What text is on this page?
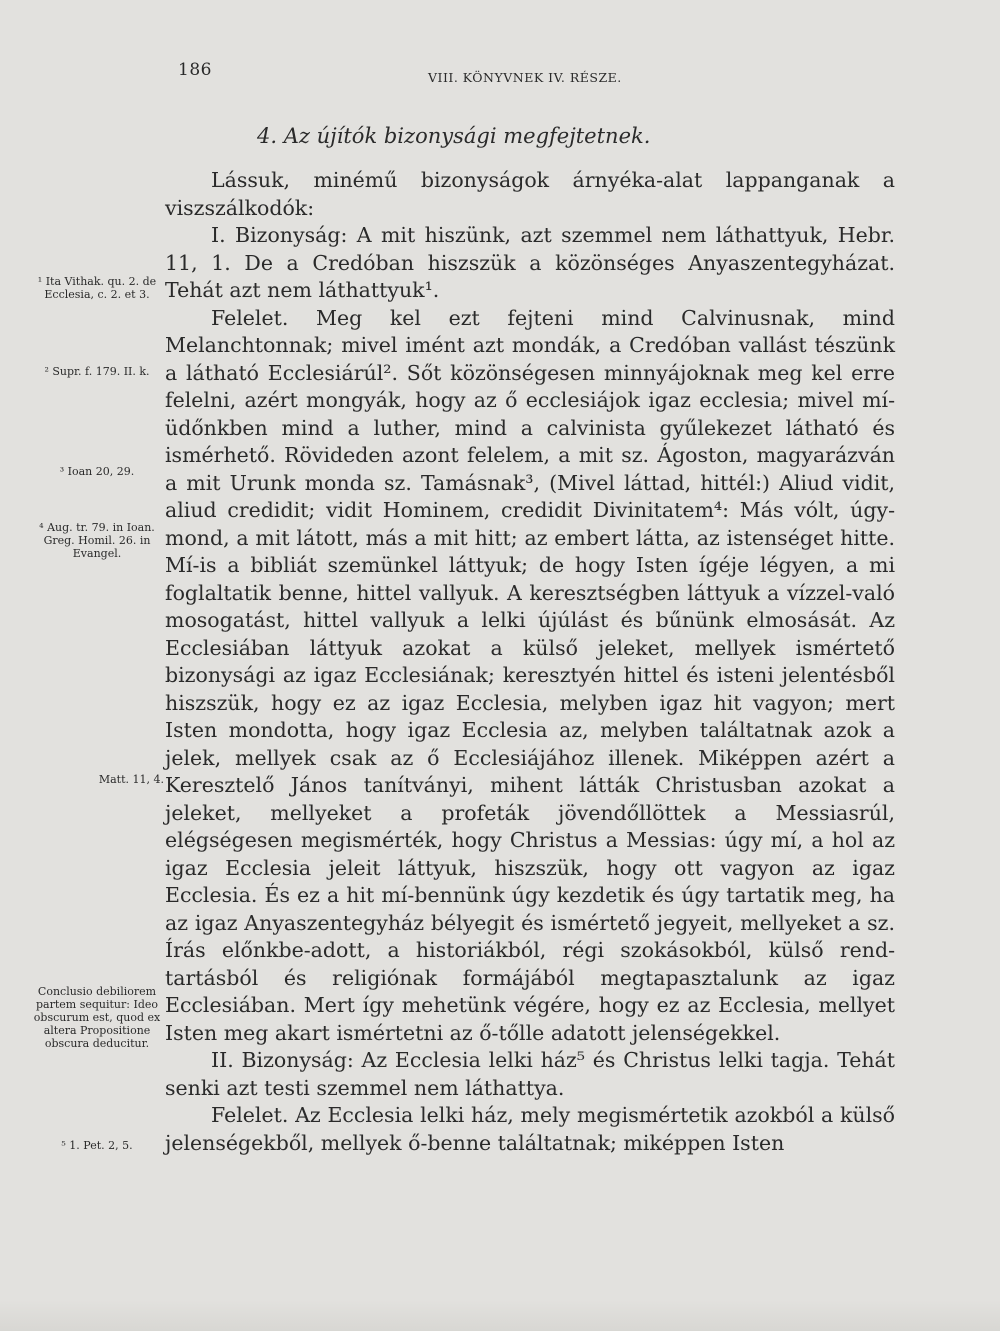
186	VIII. KÖNYVNEK IV. RÉSZE.
4. Az újítók bizonysági megfejtetnek.

Lássuk, minémű bizonyságok árnyéka-alat lappanganak a viszszálkodók:

I. Bizonyság: A mit hiszünk, azt szemmel nem láthattyuk, Hebr. 11, 1. De a Credóban hiszszük a közönséges Anyaszentegyházat. Tehát azt nem láthattyuk¹.

Felelet. Meg kel ezt fejteni mind Calvinusnak, mind Melanchtonnak; mivel imént azt mondák, a Credóban vallást tészünk a látható Ecclesiárúl². Sőt közönségesen minnyájoknak meg kel erre felelni, azért mongyák, hogy az ő ecclesiájok igaz ecclesia; mivel mí-üdőnkben mind a luther, mind a calvinista gyűlekezet látható és ismérhető. Rövideden azont felelem, a mit sz. Ágoston, magyarázván a mit Urunk monda sz. Tamásnak³, (Mivel láttad, hittél:) Aliud vidit, aliud credidit; vidit Hominem, credidit Divinitatem⁴: Más vólt, úgy-mond, a mit látott, más a mit hitt; az embert látta, az istenséget hitte. Mí-is a bibliát szemünkel láttyuk; de hogy Isten ígéje légyen, a mi foglaltatik benne, hittel vallyuk. A keresztségben láttyuk a vízzel-való mosogatást, hittel vallyuk a lelki újúlást és bűnünk elmosását. Az Ecclesiában láttyuk azokat a külső jeleket, mellyek ismértető bizonysági az igaz Ecclesiának; keresztyén hittel és isteni jelentésből hiszszük, hogy ez az igaz Ecclesia, melyben igaz hit vagyon; mert Isten mondotta, hogy igaz Ecclesia az, melyben találtatnak azok a jelek, mellyek csak az ő Ecclesiájához illenek. Miképpen azért a Keresztelő János tanítványi, mihent látták Christusban azokat a jeleket, mellyeket a profeták jövendőllöttek a Messiasrúl, elégségesen megismérték, hogy Christus a Messias: úgy mí, a hol az igaz Ecclesia jeleit láttyuk, hiszszük, hogy ott vagyon az igaz Ecclesia. És ez a hit mí-bennünk úgy kezdetik és úgy tartatik meg, ha az igaz Anyaszentegyház bélyegit és ismértető jegyeit, mellyeket a sz. Írás előnkbe-adott, a historiákból, régi szokásokból, külső rend-tartásból és religiónak formájából megtapasztalunk az igaz Ecclesiában. Mert így mehetünk végére, hogy ez az Ecclesia, mellyet Isten meg akart ismértetni az ő-tőlle adatott jelenségekkel.

II. Bizonyság: Az Ecclesia lelki ház⁵ és Christus lelki tagja. Tehát senki azt testi szemmel nem láthattya.

Felelet. Az Ecclesia lelki ház, mely megismértetik azokból a külső jelenségekből, mellyek ő-benne találtatnak; miképpen Isten

¹ Ita Vithak. qu. 2. de Ecclesia, c. 2. et 3.
² Supr. f. 179. II. k.
³ Ioan 20, 29.
⁴ Aug. tr. 79. in Ioan. Greg. Homil. 26. in Evangel.
Matt. 11, 4.
Conclusio debiliorem partem sequitur: Ideo obscurum est, quod ex altera Propositione obscura deducitur.
⁵ 1. Pet. 2, 5.
